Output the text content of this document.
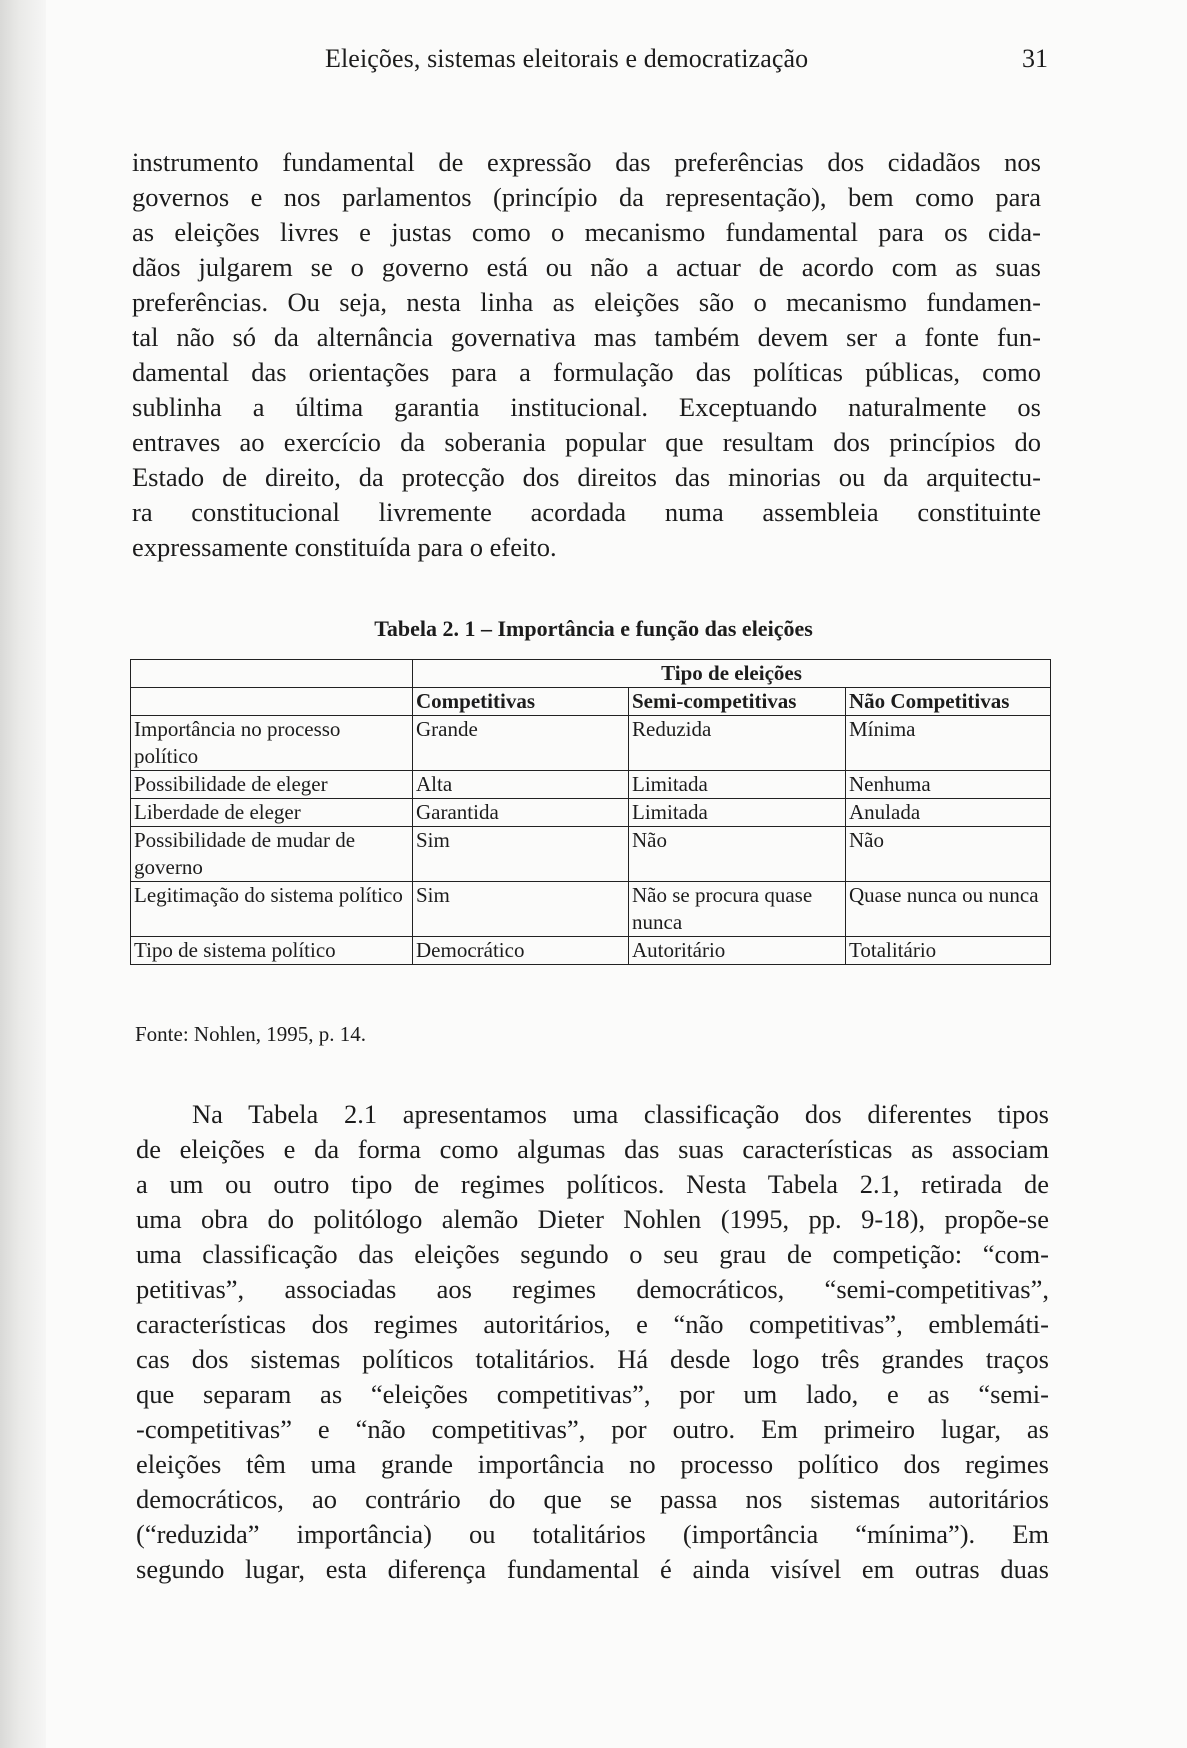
Eleições, sistemas eleitorais e democratização	31
instrumento fundamental de expressão das preferências dos cidadãos nos
governos e nos parlamentos (princípio da representação), bem como para
as eleições livres e justas como o mecanismo fundamental para os cida-
dãos julgarem se o governo está ou não a actuar de acordo com as suas
preferências. Ou seja, nesta linha as eleições são o mecanismo fundamen-
tal não só da alternância governativa mas também devem ser a fonte fun-
damental das orientações para a formulação das políticas públicas, como
sublinha a última garantia institucional. Exceptuando naturalmente os
entraves ao exercício da soberania popular que resultam dos princípios do
Estado de direito, da protecção dos direitos das minorias ou da arquitectu-
ra constitucional livremente acordada numa assembleia constituinte
expressamente constituída para o efeito.
Tabela 2. 1 – Importância e função das eleições
	Tipo de eleições		
	Competitivas	Semi-competitivas	Não Competitivas
Importância no processo político	Grande	Reduzida	Mínima
Possibilidade de eleger	Alta	Limitada	Nenhuma
Liberdade de eleger	Garantida	Limitada	Anulada
Possibilidade de mudar de governo	Sim	Não	Não
Legitimação do sistema político	Sim	Não se procura quase nunca	Quase nunca ou nunca
Tipo de sistema político	Democrático	Autoritário	Totalitário
Fonte: Nohlen, 1995, p. 14.
Na Tabela 2.1 apresentamos uma classificação dos diferentes tipos
de eleições e da forma como algumas das suas características as associam
a um ou outro tipo de regimes políticos. Nesta Tabela 2.1, retirada de
uma obra do politólogo alemão Dieter Nohlen (1995, pp. 9-18), propõe-se
uma classificação das eleições segundo o seu grau de competição: “com-
petitivas”, associadas aos regimes democráticos, “semi-competitivas”,
características dos regimes autoritários, e “não competitivas”, emblemáti-
cas dos sistemas políticos totalitários. Há desde logo três grandes traços
que separam as “eleições competitivas”, por um lado, e as “semi-
-competitivas” e “não competitivas”, por outro. Em primeiro lugar, as
eleições têm uma grande importância no processo político dos regimes
democráticos, ao contrário do que se passa nos sistemas autoritários
(“reduzida” importância) ou totalitários (importância “mínima”). Em
segundo lugar, esta diferença fundamental é ainda visível em outras duas
